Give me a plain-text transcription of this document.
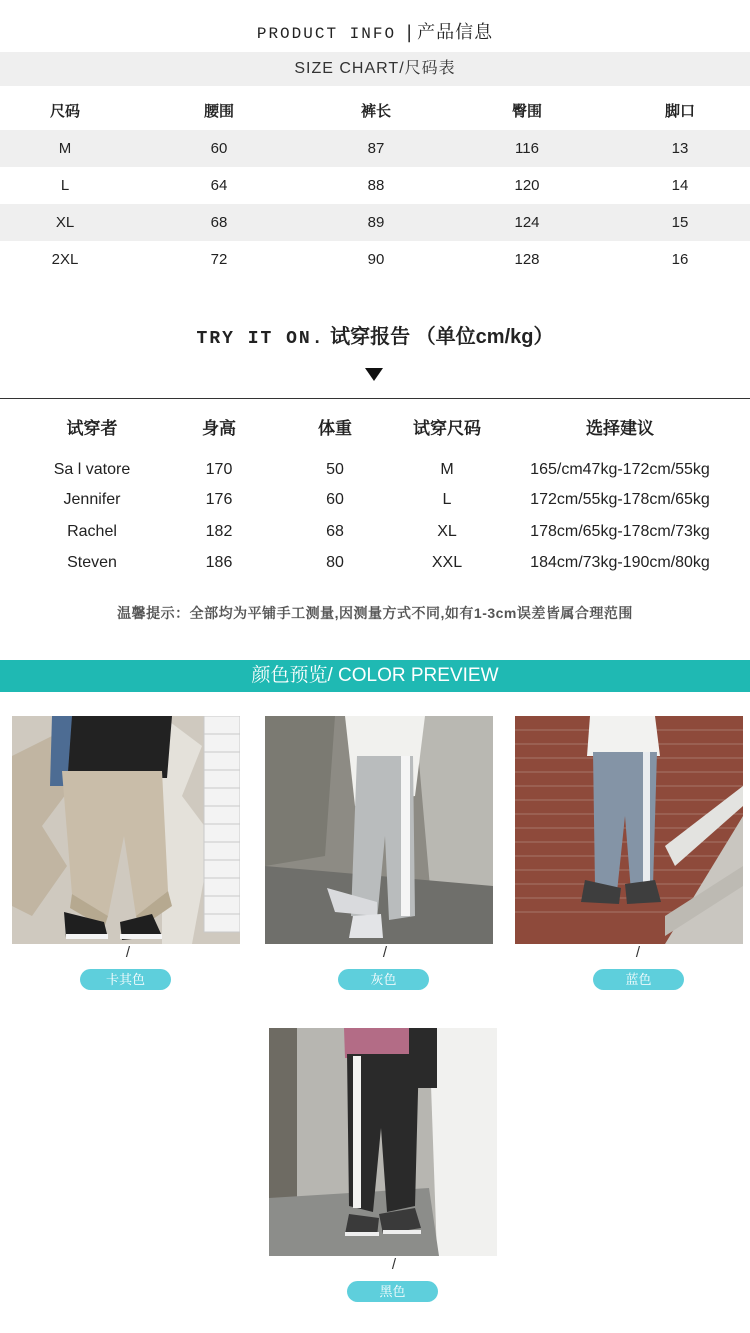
PRODUCT INFO | 产品信息
SIZE CHART/尺码表
尺码	腰围	裤长	臀围	脚口
M	60	87	116	13
L	64	88	120	14
XL	68	89	124	15
2XL	72	90	128	16
TRY IT ON. 试穿报告 （单位cm/kg）
试穿者	身高	体重	试穿尺码	选择建议
Sa l vatore	170	50	M	165/cm47kg-172cm/55kg
Jennifer	176	60	L	172cm/55kg-178cm/65kg
Rachel	182	68	XL	178cm/65kg-178cm/73kg
Steven	186	80	XXL	184cm/73kg-190cm/80kg
温馨提示：全部均为平铺手工测量,因测量方式不同,如有1-3cm误差皆属合理范围
颜色预览/ COLOR PREVIEW
/
卡其色
/
灰色
/
蓝色
/
黑色
